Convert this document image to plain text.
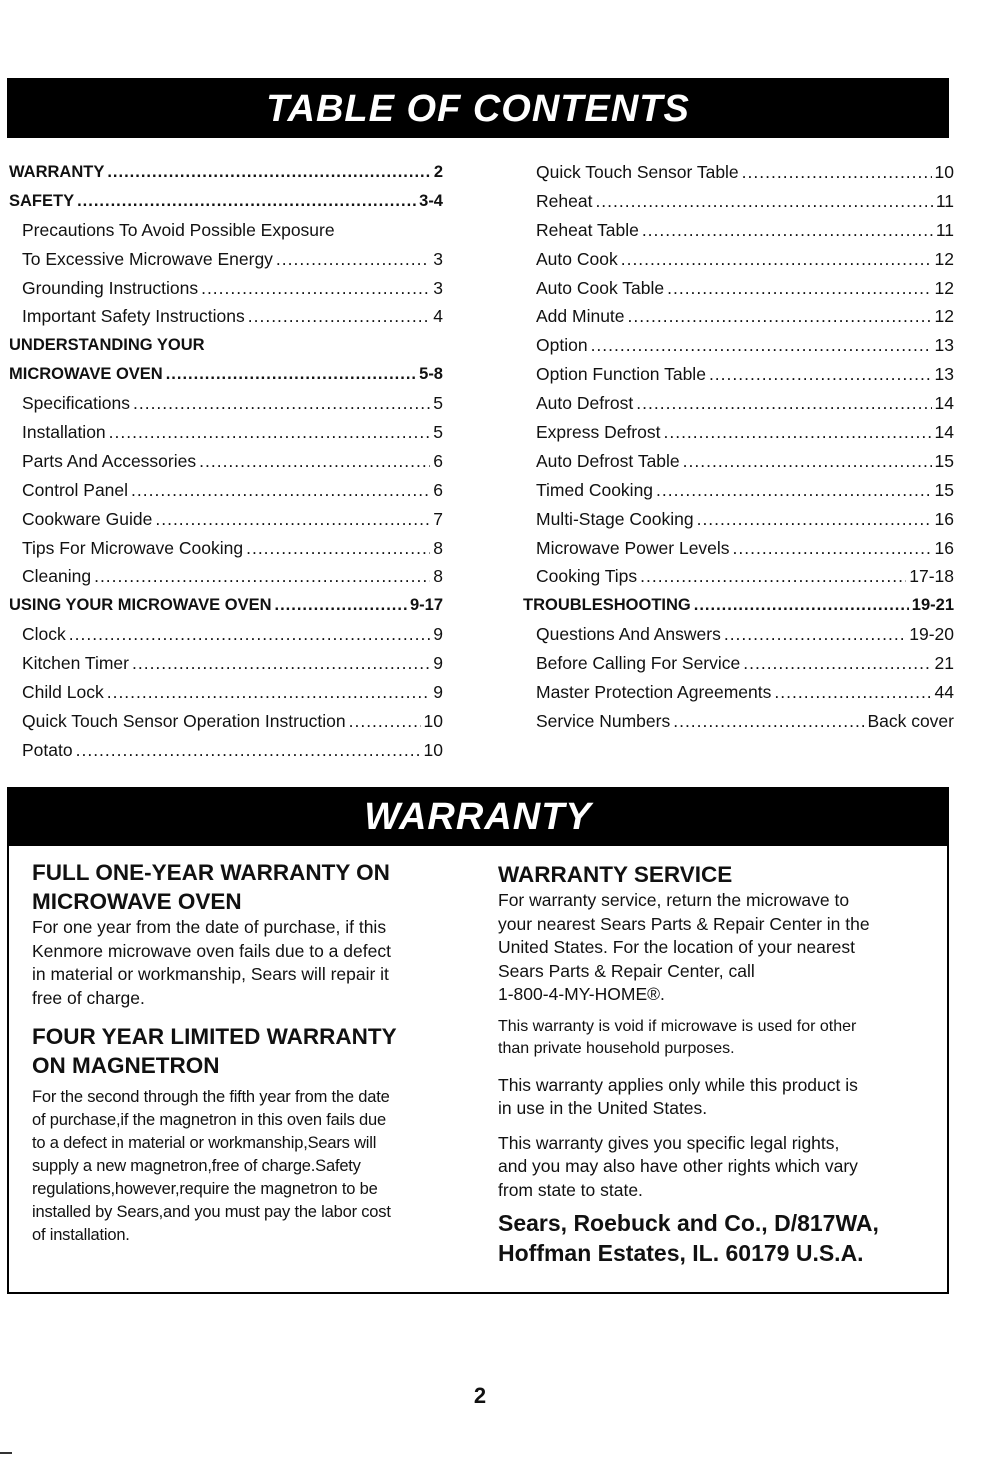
TABLE OF CONTENTS
WARRANTY .....	2
SAFETY .....	3-4
Precautions To Avoid Possible Exposure
To Excessive Microwave Energy .....	3
Grounding Instructions .....	3
Important Safety Instructions .....	4
UNDERSTANDING YOUR
MICROWAVE OVEN .....	5-8
Specifications .....	5
Installation .....	5
Parts And Accessories .....	6
Control Panel .....	6
Cookware Guide .....	7
Tips For Microwave Cooking .....	8
Cleaning .....	8
USING YOUR MICROWAVE OVEN .....	9-17
Clock .....	9
Kitchen Timer .....	9
Child Lock .....	9
Quick Touch Sensor Operation Instruction .....	10
Potato .....	10
Quick Touch Sensor Table .....	10
Reheat .....	11
Reheat Table .....	11
Auto Cook .....	12
Auto Cook Table .....	12
Add Minute .....	12
Option .....	13
Option Function Table .....	13
Auto Defrost .....	14
Express Defrost .....	14
Auto Defrost Table .....	15
Timed Cooking .....	15
Multi-Stage Cooking .....	16
Microwave Power Levels .....	16
Cooking Tips .....	17-18
TROUBLESHOOTING .....	19-21
Questions And Answers .....	19-20
Before Calling For Service .....	21
Master Protection Agreements .....	44
Service Numbers .....	Back cover
WARRANTY
FULL ONE-YEAR WARRANTY ON
MICROWAVE OVEN
For one year from the date of purchase, if this
Kenmore microwave oven fails due to a defect
in material or workmanship, Sears will repair it
free of charge.
FOUR YEAR LIMITED WARRANTY
ON MAGNETRON
For the second through the fifth year from the date
of purchase,if the magnetron in this oven fails due
to a defect in material or workmanship,Sears will
supply a new magnetron,free of charge.Safety
regulations,however,require the magnetron to be
installed by Sears,and you must pay the labor cost
of installation.
WARRANTY SERVICE
For warranty service, return the microwave to
your nearest Sears Parts & Repair Center in the
United States. For the location of your nearest
Sears Parts & Repair Center, call
1-800-4-MY-HOME®.
This warranty is void if microwave is used for other
than private household purposes.
This warranty applies only while this product is
in use in the United States.
This warranty gives you specific legal rights,
and you may also have other rights which vary
from state to state.
Sears, Roebuck and Co., D/817WA,
Hoffman Estates, IL. 60179 U.S.A.
2
